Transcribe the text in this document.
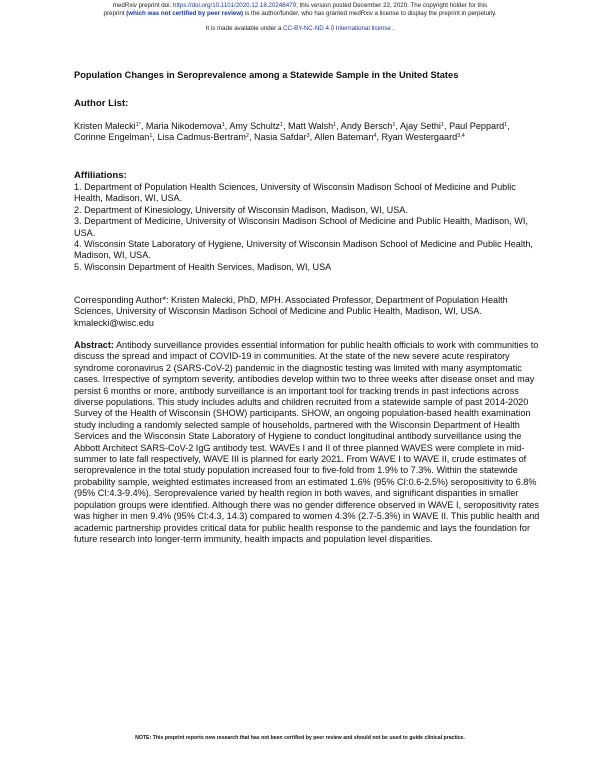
medRxiv preprint doi: https://doi.org/10.1101/2020.12.18.20248479; this version posted December 22, 2020. The copyright holder for this
preprint (which was not certified by peer review) is the author/funder, who has granted medRxiv a license to display the preprint in perpetuity.
It is made available under a CC-BY-NC-ND 4.0 International license .
Population Changes in Seroprevalence among a Statewide Sample in the United States
Author List:
Kristen Malecki$^{1*}$, Maria Nikodemova$^1$, Amy Schultz$^1$, Matt Walsh$^1$, Andy Bersch$^1$, Ajay Sethi$^1$, Paul Peppard$^1$, Corinne Engelman$^1$, Lisa Cadmus-Bertram$^2$, Nasia Safdar$^3$, Allen Bateman$^4$, Ryan Westergaard$^{3,4}$
Affiliations:
1. Department of Population Health Sciences, University of Wisconsin Madison School of Medicine and Public Health, Madison, WI, USA.
2. Department of Kinesiology, University of Wisconsin Madison, Madison, WI, USA.
3. Department of Medicine, University of Wisconsin Madison School of Medicine and Public Health, Madison, WI, USA.
4. Wisconsin State Laboratory of Hygiene, University of Wisconsin Madison School of Medicine and Public Health, Madison, WI, USA.
5. Wisconsin Department of Health Services, Madison, WI, USA
Corresponding Author*: Kristen Malecki, PhD, MPH. Associated Professor, Department of Population Health Sciences, University of Wisconsin Madison School of Medicine and Public Health, Madison, WI, USA. kmalecki@wisc.edu
Abstract: Antibody surveillance provides essential information for public health officials to work with communities to discuss the spread and impact of COVID-19 in communities. At the state of the new severe acute respiratory syndrome coronavirus 2 (SARS-CoV-2) pandemic in the diagnostic testing was limited with many asymptomatic cases. Irrespective of symptom severity, antibodies develop within two to three weeks after disease onset and may persist 6 months or more, antibody surveillance is an important tool for tracking trends in past infections across diverse populations. This study includes adults and children recruited from a statewide sample of past 2014-2020 Survey of the Health of Wisconsin (SHOW) participants. SHOW, an ongoing population-based health examination study including a randomly selected sample of households, partnered with the Wisconsin Department of Health Services and the Wisconsin State Laboratory of Hygiene to conduct longitudinal antibody surveillance using the Abbott Architect SARS-CoV-2 IgG antibody test. WAVEs I and II of three planned WAVES were complete in mid-summer to late fall respectively, WAVE III is planned for early 2021. From WAVE I to WAVE II, crude estimates of seroprevalence in the total study population increased four to five-fold from 1.9% to 7.3%. Within the statewide probability sample, weighted estimates increased from an estimated 1.6% (95% CI:0.6-2.5%) seropositivity to 6.8% (95% CI:4.3-9.4%). Seroprevalence varied by health region in both waves, and significant disparities in smaller population groups were identified. Although there was no gender difference observed in WAVE I, seropositivity rates was higher in men 9.4% (95% CI:4.3, 14.3) compared to women 4.3% (2.7-5.3%) in WAVE II. This public health and academic partnership provides critical data for public health response to the pandemic and lays the foundation for future research into longer-term immunity, health impacts and population level disparities.
NOTE: This preprint reports new research that has not been certified by peer review and should not be used to guide clinical practice.
